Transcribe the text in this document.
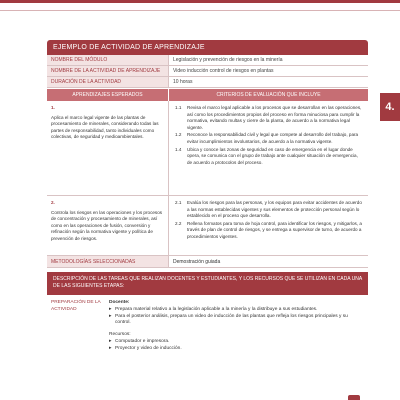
4.
EJEMPLO DE ACTIVIDAD DE APRENDIZAJE
NOMBRE DEL MÓDULO	Legislación y prevención de riesgos en la minería
NOMBRE DE LA ACTIVIDAD DE APRENDIZAJE	Video inducción control de riesgos en plantas
DURACIÓN DE LA ACTIVIDAD	10 horas
APRENDIZAJES ESPERADOS	CRITERIOS DE EVALUACIÓN QUE INCLUYE
1.
Aplica el marco legal vigente de las plantas de procesamiento de minerales, considerando todas las partes de responsabilidad, tanto individuales como colectivas, de seguridad y medioambientales.
1.1	Revisa el marco legal aplicable a los procesos que se desarrollan en las operaciones, así como los procedimientos propios del proceso en forma minuciosa para cumplir la normativa, evitando multas y cierre de la planta, de acuerdo a la normativa legal vigente.
1.2	Reconoce la responsabilidad civil y legal que compete al desarrollo del trabajo, para evitar incumplimientos involuntarios, de acuerdo a la normativa vigente.
1.4	Ubica y conoce las zonas de seguridad en caso de emergencia en el lugar donde opera, se comunica con el grupo de trabajo ante cualquier situación de emergencia, de acuerdo a protocolos del proceso.
2.
Controla los riesgos en las operaciones y los procesos de concentración y procesamiento de minerales, así como en las operaciones de fusión, conversión y refinación según la normativa vigente y política de prevención de riesgos.
2.1	Evalúa los riesgos para las personas, y los equipos para evitar accidentes de acuerdo a las normas establecidas vigentes y sus elementos de protección personal según lo establecido en el proceso que desarrolla.
2.2	Rellena formatos para toma de hoja control, para identificar los riesgos, y mitigarlos, a través de plan de control de riesgos, y se entrega a supervisor de turno, de acuerdo a procedimientos vigentes.
METODOLOGÍAS SELECCIONADAS	Demostración guiada
DESCRIPCIÓN DE LAS TAREAS QUE REALIZAN DOCENTES Y ESTUDIANTES, Y LOS RECURSOS QUE SE UTILIZAN EN CADA UNA DE LAS SIGUIENTES ETAPAS:
PREPARACIÓN DE LA ACTIVIDAD
Docente:
▸ Prepara material relativo a la legislación aplicable a la minería y la distribuye a sus estudiantes.
▸ Para el posterior análisis, prepara un video de inducción de las plantas que refleja los riesgos principales y su control.
Recursos:
▸ Computador e impresora.
▸ Proyector y video de inducción.
